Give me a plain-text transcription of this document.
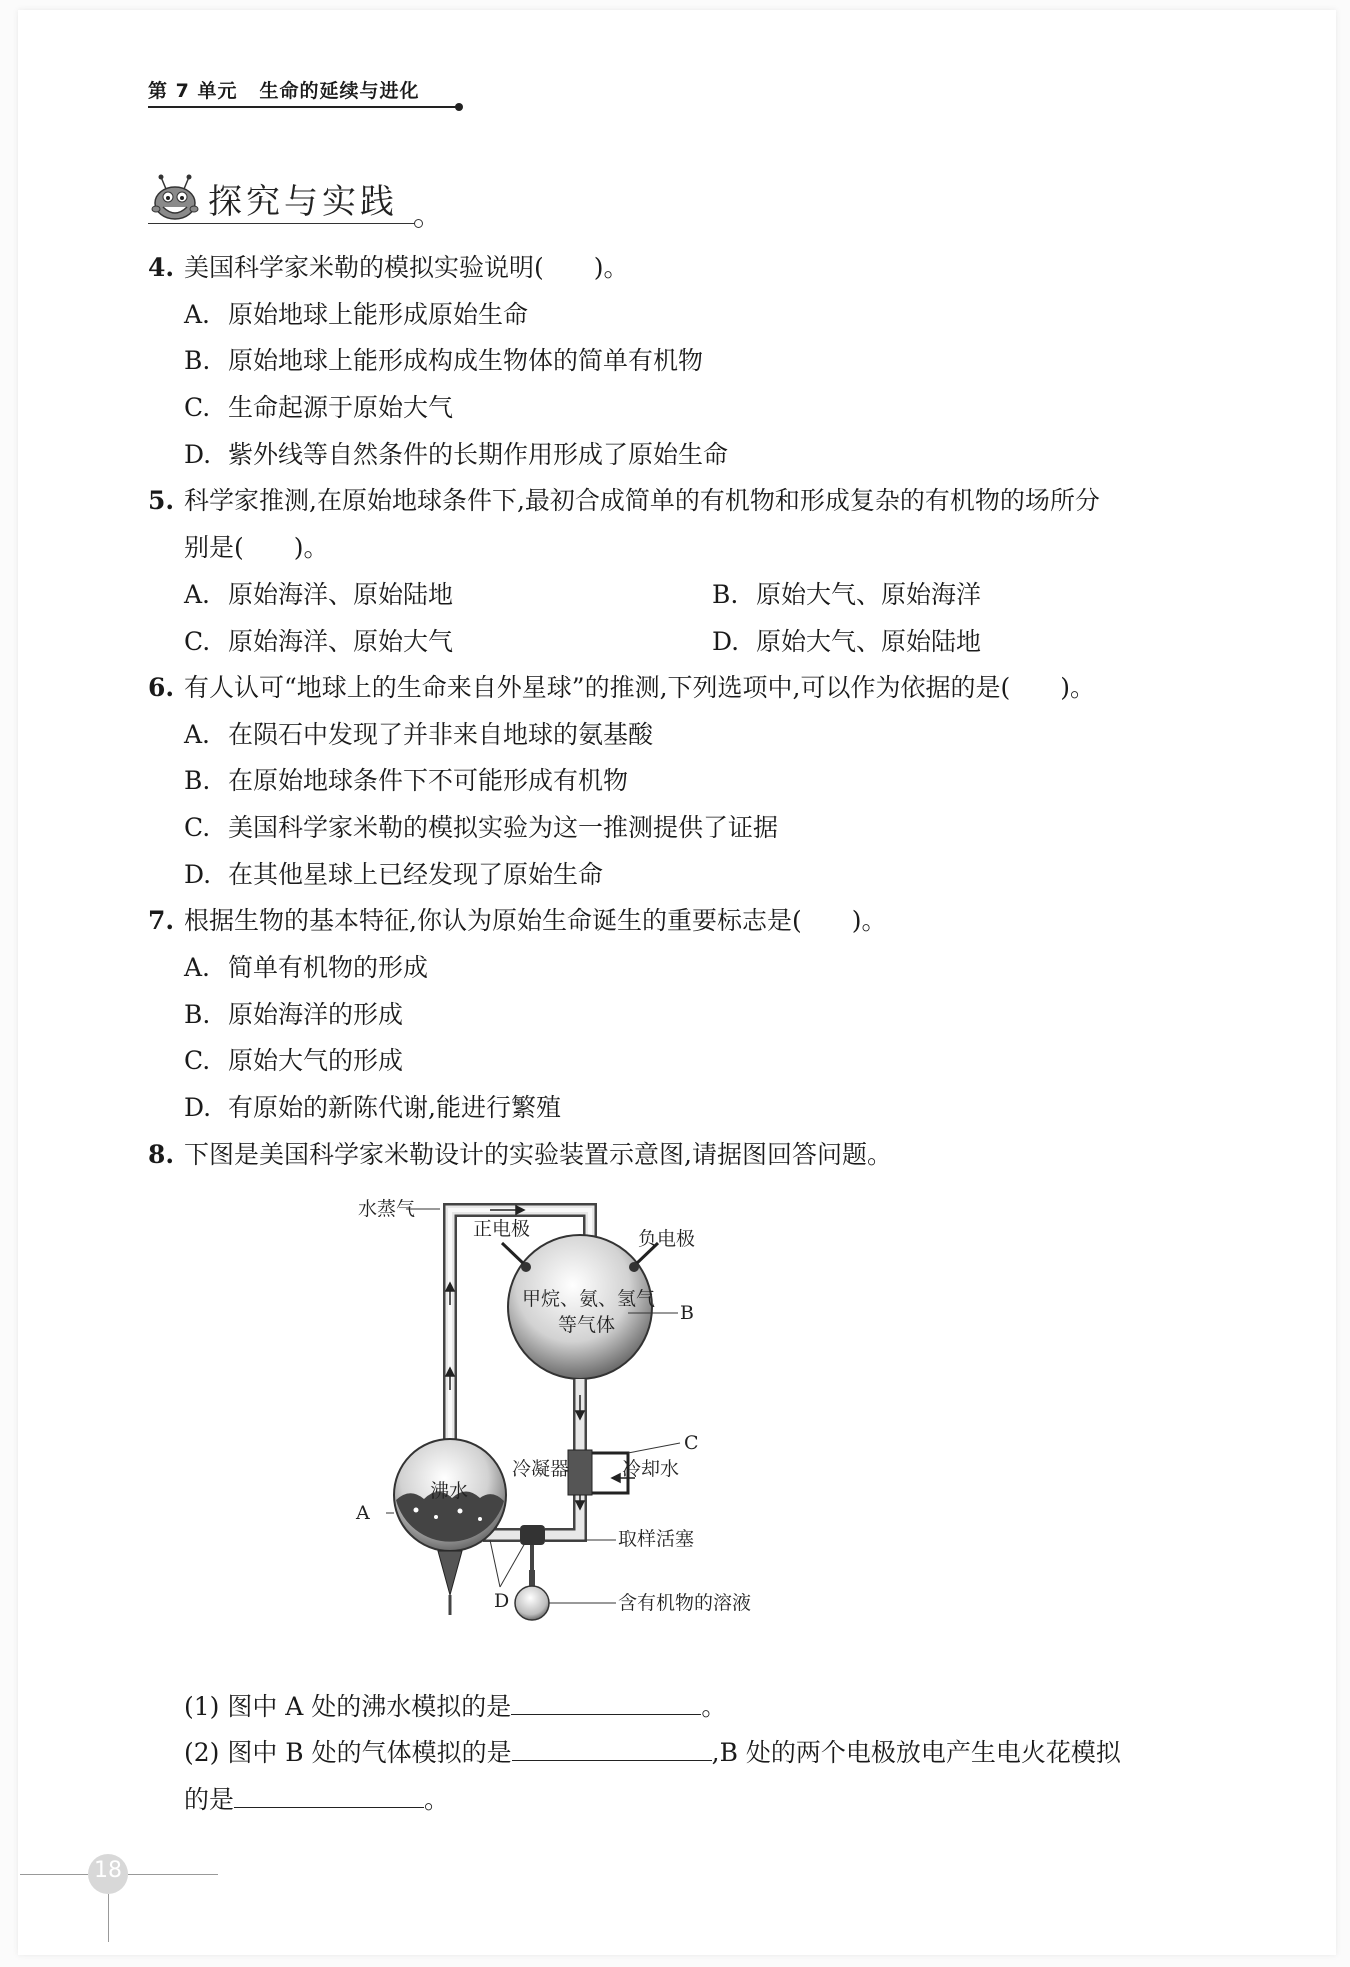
第 7 单元 生命的延续与进化
探究与实践
4. 美国科学家米勒的模拟实验说明(　　)。
A. 原始地球上能形成原始生命
B. 原始地球上能形成构成生物体的简单有机物
C. 生命起源于原始大气
D. 紫外线等自然条件的长期作用形成了原始生命
5. 科学家推测,在原始地球条件下,最初合成简单的有机物和形成复杂的有机物的场所分
别是(　　)。
A. 原始海洋、原始陆地	B. 原始大气、原始海洋
C. 原始海洋、原始大气	D. 原始大气、原始陆地
6. 有人认可“地球上的生命来自外星球”的推测,下列选项中,可以作为依据的是(　　)。
A. 在陨石中发现了并非来自地球的氨基酸
B. 在原始地球条件下不可能形成有机物
C. 美国科学家米勒的模拟实验为这一推测提供了证据
D. 在其他星球上已经发现了原始生命
7. 根据生物的基本特征,你认为原始生命诞生的重要标志是(　　)。
A. 简单有机物的形成
B. 原始海洋的形成
C. 原始大气的形成
D. 有原始的新陈代谢,能进行繁殖
8. 下图是美国科学家米勒设计的实验装置示意图,请据图回答问题。
水蒸气
正电极	负电极
甲烷、氨、氢气
等气体
B
C
冷凝器	冷却水
沸水
A
D
取样活塞
含有机物的溶液
(1) 图中 A 处的沸水模拟的是	。
(2) 图中 B 处的气体模拟的是	,B 处的两个电极放电产生电火花模拟
的是	。
18
